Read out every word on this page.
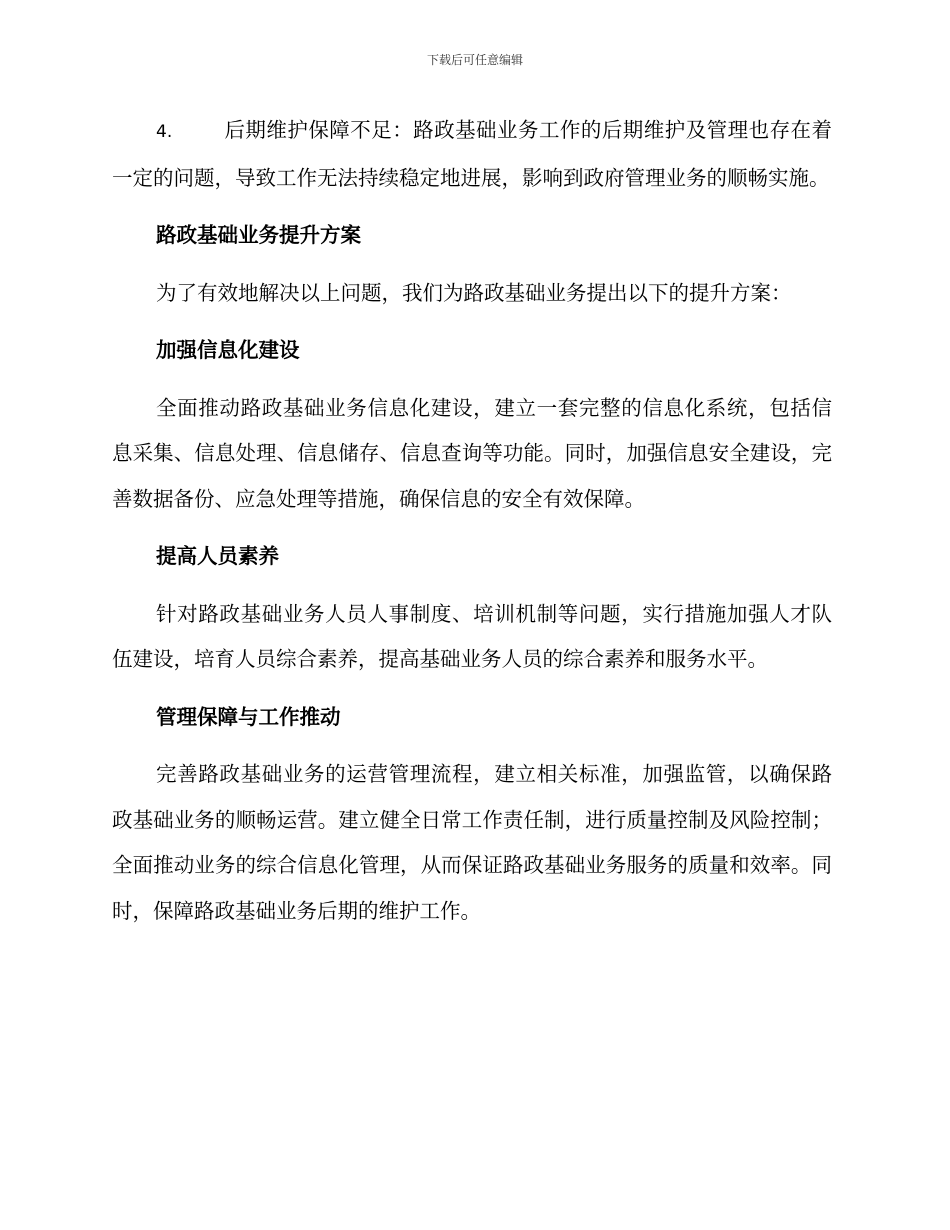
下载后可任意编辑

4.	后期维护保障不足：路政基础业务工作的后期维护及管理也存在着一定的问题，导致工作无法持续稳定地进展，影响到政府管理业务的顺畅实施。

路政基础业务提升方案

为了有效地解决以上问题，我们为路政基础业务提出以下的提升方案：

加强信息化建设

全面推动路政基础业务信息化建设，建立一套完整的信息化系统，包括信息采集、信息处理、信息储存、信息查询等功能。同时，加强信息安全建设，完善数据备份、应急处理等措施，确保信息的安全有效保障。

提高人员素养

针对路政基础业务人员人事制度、培训机制等问题，实行措施加强人才队伍建设，培育人员综合素养，提高基础业务人员的综合素养和服务水平。

管理保障与工作推动

完善路政基础业务的运营管理流程，建立相关标准，加强监管，以确保路政基础业务的顺畅运营。建立健全日常工作责任制，进行质量控制及风险控制；全面推动业务的综合信息化管理，从而保证路政基础业务服务的质量和效率。同时，保障路政基础业务后期的维护工作。
